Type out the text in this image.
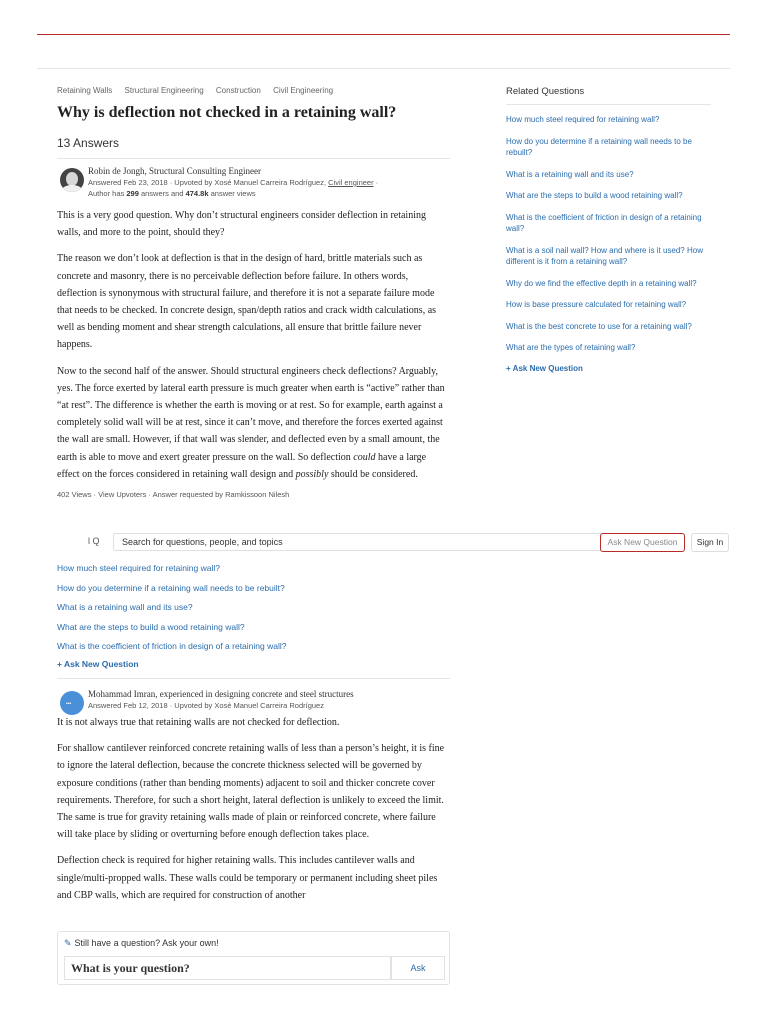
Retaining Walls Structural Engineering Construction Civil Engineering
Why is deflection not checked in a retaining wall?
13 Answers
Robin de Jongh, Structural Consulting Engineer
Answered Feb 23, 2018 · Upvoted by Xosé Manuel Carreira Rodríguez, Civil engineer ·
Author has 299 answers and 474.8k answer views

This is a very good question. Why don’t structural engineers consider deflection in retaining walls, and more to the point, should they?

The reason we don’t look at deflection is that in the design of hard, brittle materials such as concrete and masonry, there is no perceivable deflection before failure. In others words, deflection is synonymous with structural failure, and therefore it is not a separate failure mode that needs to be checked. In concrete design, span/depth ratios and crack width calculations, as well as bending moment and shear strength calculations, all ensure that brittle failure never happens.

Now to the second half of the answer. Should structural engineers check deflections? Arguably, yes. The force exerted by lateral earth pressure is much greater when earth is “active” rather than “at rest”. The difference is whether the earth is moving or at rest. So for example, earth against a completely solid wall will be at rest, since it can’t move, and therefore the forces exerted against the wall are small. However, if that wall was slender, and deflected even by a small amount, the earth is able to move and exert greater pressure on the wall. So deflection could have a large effect on the forces considered in retaining wall design and possibly should be considered.

402 Views · View Upvoters · Answer requested by Ramkissoon Nilesh
l Q
Search for questions, people, and topics	Ask New Question	Sign In
How much steel required for retaining wall?
How do you determine if a retaining wall needs to be rebuilt?
What is a retaining wall and its use?
What are the steps to build a wood retaining wall?
What is the coefficient of friction in design of a retaining wall?
+ Ask New Question
•••
Mohammad Imran, experienced in designing concrete and steel structures
Answered Feb 12, 2018 · Upvoted by Xosé Manuel Carreira Rodríguez

It is not always true that retaining walls are not checked for deflection.

For shallow cantilever reinforced concrete retaining walls of less than a person’s height, it is fine to ignore the lateral deflection, because the concrete thickness selected will be governed by exposure conditions (rather than bending moments) adjacent to soil and thicker concrete cover requirements. Therefore, for such a short height, lateral deflection is unlikely to exceed the limit. The same is true for gravity retaining walls made of plain or reinforced concrete, where failure will take place by sliding or overturning before enough deflection takes place.

Deflection check is required for higher retaining walls. This includes cantilever walls and single/multi-propped walls. These walls could be temporary or permanent including sheet piles and CBP walls, which are required for construction of another

Related Questions
How much steel required for retaining wall?
How do you determine if a retaining wall needs to be rebuilt?
What is a retaining wall and its use?
What are the steps to build a wood retaining wall?
What is the coefficient of friction in design of a retaining wall?
What is a soil nail wall? How and where is it used? How different is it from a retaining wall?
Why do we find the effective depth in a retaining wall?
How is base pressure calculated for retaining wall?
What is the best concrete to use for a retaining wall?
What are the types of retaining wall?
+ Ask New Question
✎ Still have a question? Ask your own!
What is your question?
Ask
